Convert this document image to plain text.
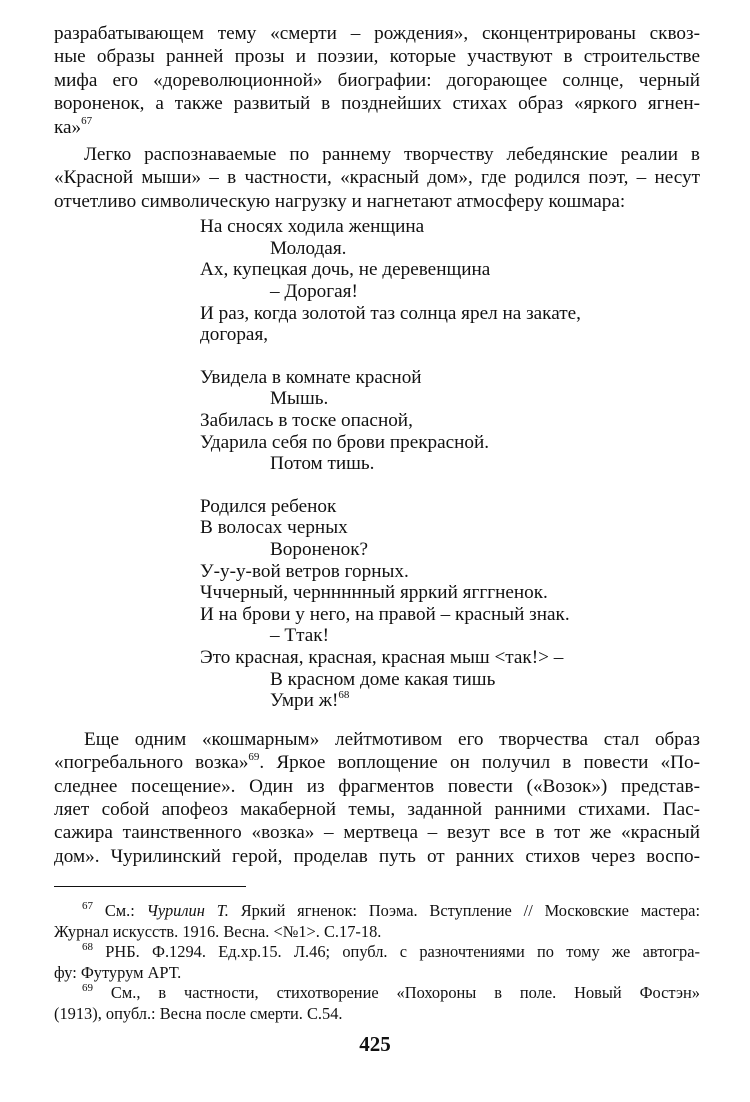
разрабатывающем тему «смерти – рождения», сконцентрированы сквоз-
ные образы ранней прозы и поэзии, которые участвуют в строительстве
мифа его «дореволюционной» биографии: догорающее солнце, черный
вороненок, а также развитый в позднейших стихах образ «яркого ягнен-
ка»$^{67}$

Легко распознаваемые по раннему творчеству лебедянские реалии в
«Красной мыши» – в частности, «красный дом», где родился поэт, – несут
отчетливо символическую нагрузку и нагнетают атмосферу кошмара:

На сносях ходила женщина
Молодая.
Ах, купецкая дочь, не деревенщина
– Дорогая!
И раз, когда золотой таз солнца ярел на закате,
догорая,
Увидела в комнате красной
Мышь.
Забилась в тоске опасной,
Ударила себя по брови прекрасной.
Потом тишь.
Родился ребенок
В волосах черных
Вороненок?
У-у-у-вой ветров горных.
Чччерный, черннннный ярркий ягггненок.
И на брови у него, на правой – красный знак.
– Ттак!
Это красная, красная, красная мыш <так!> –
В красном доме какая тишь
Умри ж!$^{68}$

Еще одним «кошмарным» лейтмотивом его творчества стал образ
«погребального возка»$^{69}$. Яркое воплощение он получил в повести «По-
следнее посещение». Один из фрагментов повести («Возок») представ-
ляет собой апофеоз макаберной темы, заданной ранними стихами. Пас-
сажира таинственного «возка» – мертвеца – везут все в тот же «красный
дом». Чурилинский герой, проделав путь от ранних стихов через воспо-

$^{67}$ См.: Чурилин Т. Яркий ягненок: Поэма. Вступление // Московские мастера:
Журнал искусств. 1916. Весна. <№1>. С.17-18.
$^{68}$ РНБ. Ф.1294. Ед.хр.15. Л.46; опубл. с разночтениями по тому же автогра-
фу: Футурум АРТ.
$^{69}$ См., в частности, стихотворение «Похороны в поле. Новый Фостэн»
(1913), опубл.: Весна после смерти. С.54.
425
